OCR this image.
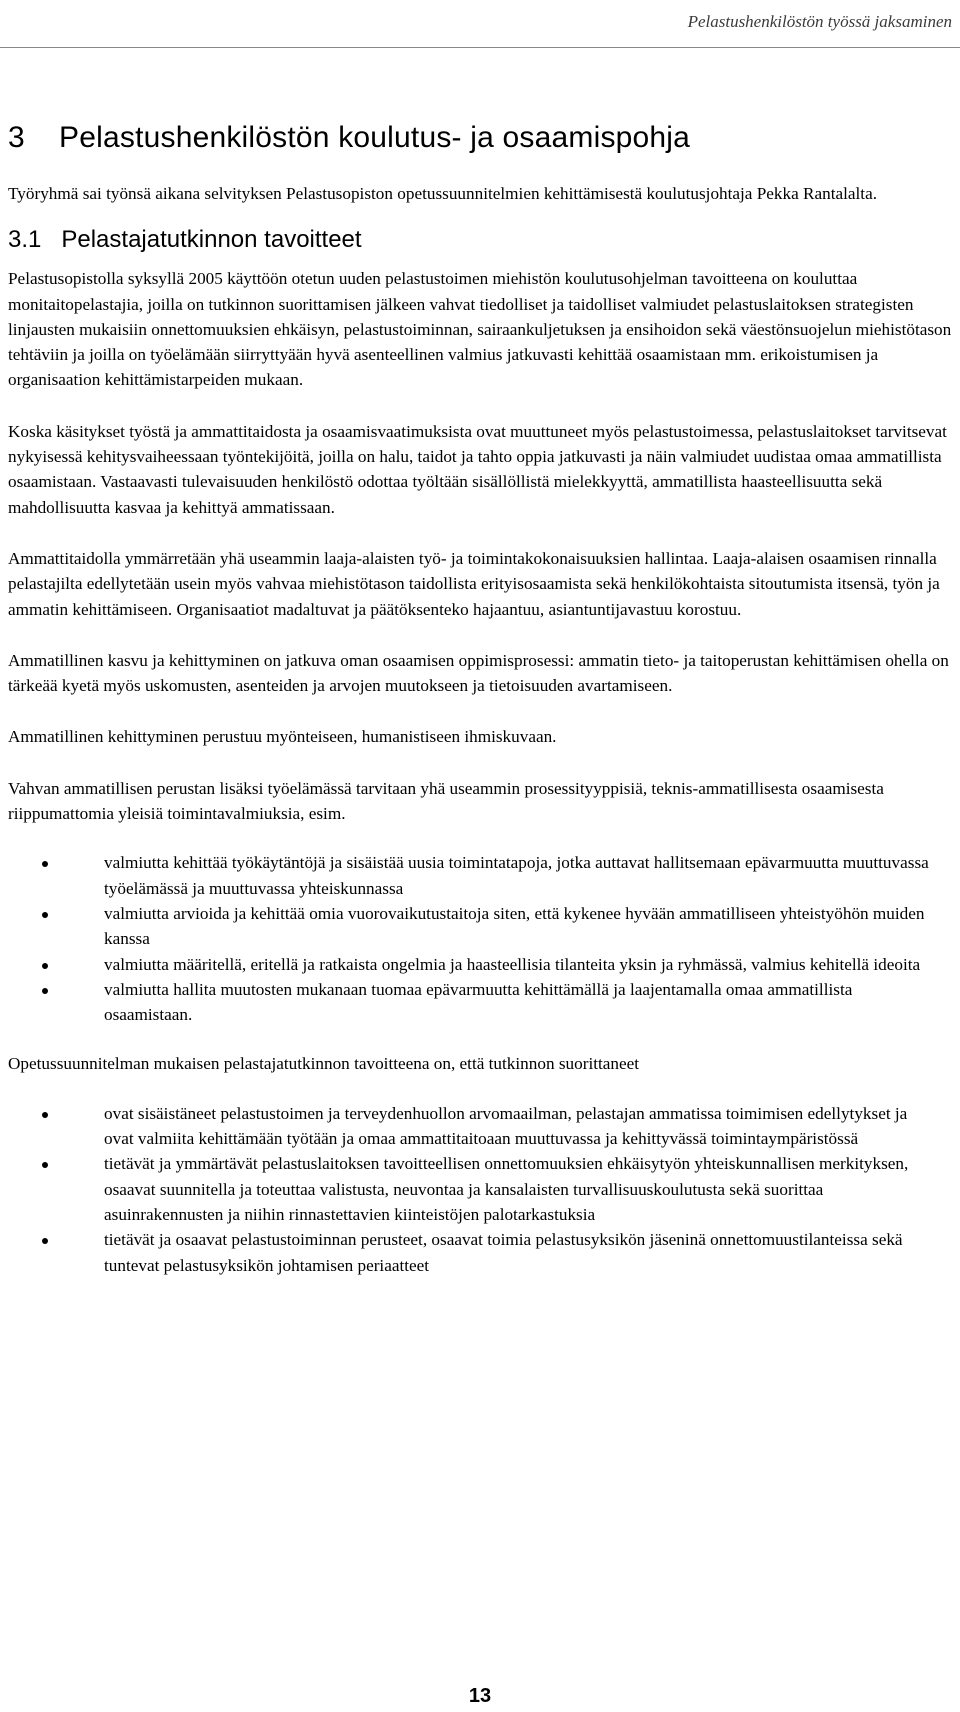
Pelastushenkilöstön työssä jaksaminen
3    Pelastushenkilöstön koulutus- ja osaamispohja

Työryhmä sai työnsä aikana selvityksen Pelastusopiston opetussuunnitelmien kehittämisestä koulutusjohtaja Pekka Rantalalta.

3.1   Pelastajatutkinnon tavoitteet

Pelastusopistolla syksyllä 2005 käyttöön otetun uuden pelastustoimen miehistön koulutusohjelman tavoitteena on kouluttaa monitaitopelastajia, joilla on tutkinnon suorittamisen jälkeen vahvat tiedolliset ja taidolliset valmiudet pelastuslaitoksen strategisten linjausten mukaisiin onnettomuuksien ehkäisyn, pelastustoiminnan, sairaankuljetuksen ja ensihoidon sekä väestönsuojelun miehistötason tehtäviin ja joilla on työelämään siirryttyään hyvä asenteellinen valmius jatkuvasti kehittää osaamistaan mm. erikoistumisen ja organisaation kehittämistarpeiden mukaan.

Koska käsitykset työstä ja ammattitaidosta ja osaamisvaatimuksista ovat muuttuneet myös pelastustoimessa, pelastuslaitokset tarvitsevat nykyisessä kehitysvaiheessaan työntekijöitä, joilla on halu, taidot ja tahto oppia jatkuvasti ja näin valmiudet uudistaa omaa ammatillista osaamistaan. Vastaavasti tulevaisuuden henkilöstö odottaa työltään sisällöllistä mielekkyyttä, ammatillista haasteellisuutta sekä mahdollisuutta kasvaa ja kehittyä ammatissaan.

Ammattitaidolla ymmärretään yhä useammin laaja-alaisten työ- ja toimintakokonaisuuksien hallintaa. Laaja-alaisen osaamisen rinnalla pelastajilta edellytetään usein myös vahvaa miehistötason taidollista erityisosaamista sekä henkilökohtaista sitoutumista itsensä, työn ja ammatin kehittämiseen. Organisaatiot madaltuvat ja päätöksenteko hajaantuu, asiantuntijavastuu korostuu.

Ammatillinen kasvu ja kehittyminen on jatkuva oman osaamisen oppimisprosessi: ammatin tieto- ja taitoperustan kehittämisen ohella on tärkeää kyetä myös uskomusten, asenteiden ja arvojen muutokseen ja tietoisuuden avartamiseen.

Ammatillinen kehittyminen perustuu myönteiseen, humanistiseen ihmiskuvaan.

Vahvan ammatillisen perustan lisäksi työelämässä tarvitaan yhä useammin prosessityyppisiä, teknis-ammatillisesta osaamisesta riippumattomia yleisiä toimintavalmiuksia, esim.

valmiutta kehittää työkäytäntöjä ja sisäistää uusia toimintatapoja, jotka auttavat hallitsemaan epävarmuutta muuttuvassa työelämässä ja muuttuvassa yhteiskunnassa
valmiutta arvioida ja kehittää omia vuorovaikutustaitoja siten, että kykenee hyvään ammatilliseen yhteistyöhön muiden kanssa
valmiutta määritellä, eritellä ja ratkaista ongelmia ja haasteellisia tilanteita yksin ja ryhmässä, valmius kehitellä ideoita
valmiutta hallita muutosten mukanaan tuomaa epävarmuutta kehittämällä ja laajentamalla omaa ammatillista osaamistaan.

Opetussuunnitelman mukaisen pelastajatutkinnon tavoitteena on, että tutkinnon suorittaneet

ovat sisäistäneet pelastustoimen ja terveydenhuollon arvomaailman, pelastajan ammatissa toimimisen edellytykset ja ovat valmiita kehittämään työtään ja omaa ammattitaitoaan muuttuvassa ja kehittyvässä toimintaympäristössä
tietävät ja ymmärtävät pelastuslaitoksen tavoitteellisen onnettomuuksien ehkäisytyön yhteiskunnallisen merkityksen, osaavat suunnitella ja toteuttaa valistusta, neuvontaa ja kansalaisten turvallisuuskoulutusta sekä suorittaa asuinrakennusten ja niihin rinnastettavien kiinteistöjen palotarkastuksia
tietävät ja osaavat pelastustoiminnan perusteet, osaavat toimia pelastusyksikön jäseninä onnettomuustilanteissa sekä tuntevat pelastusyksikön johtamisen periaatteet
13
